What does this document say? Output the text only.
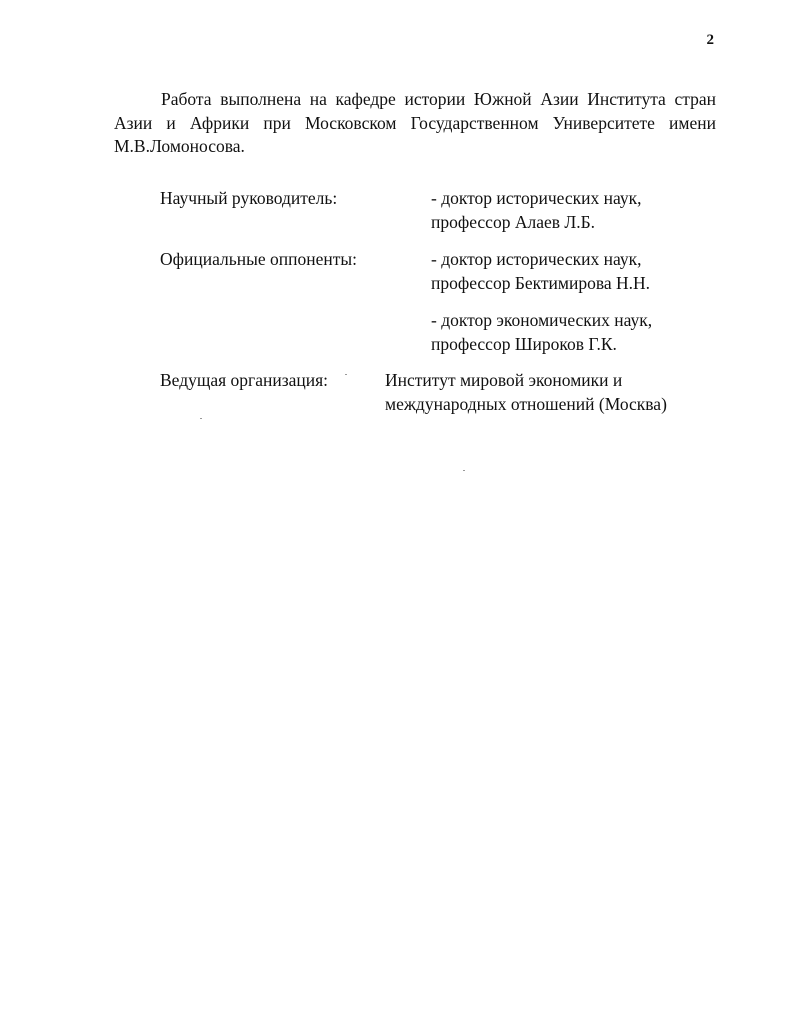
2
Работа выполнена на кафедре истории Южной Азии Института стран
Азии и Африки при Московском Государственном Университете имени
М.В.Ломоносова.
Научный руководитель:	- доктор исторических наук,
профессор Алаев Л.Б.
Официальные оппоненты:	- доктор исторических наук,
профессор Бектимирова Н.Н.
- доктор экономических наук,
профессор Широков Г.К.
Ведущая организация:	Институт мировой экономики и
международных отношений (Москва)
